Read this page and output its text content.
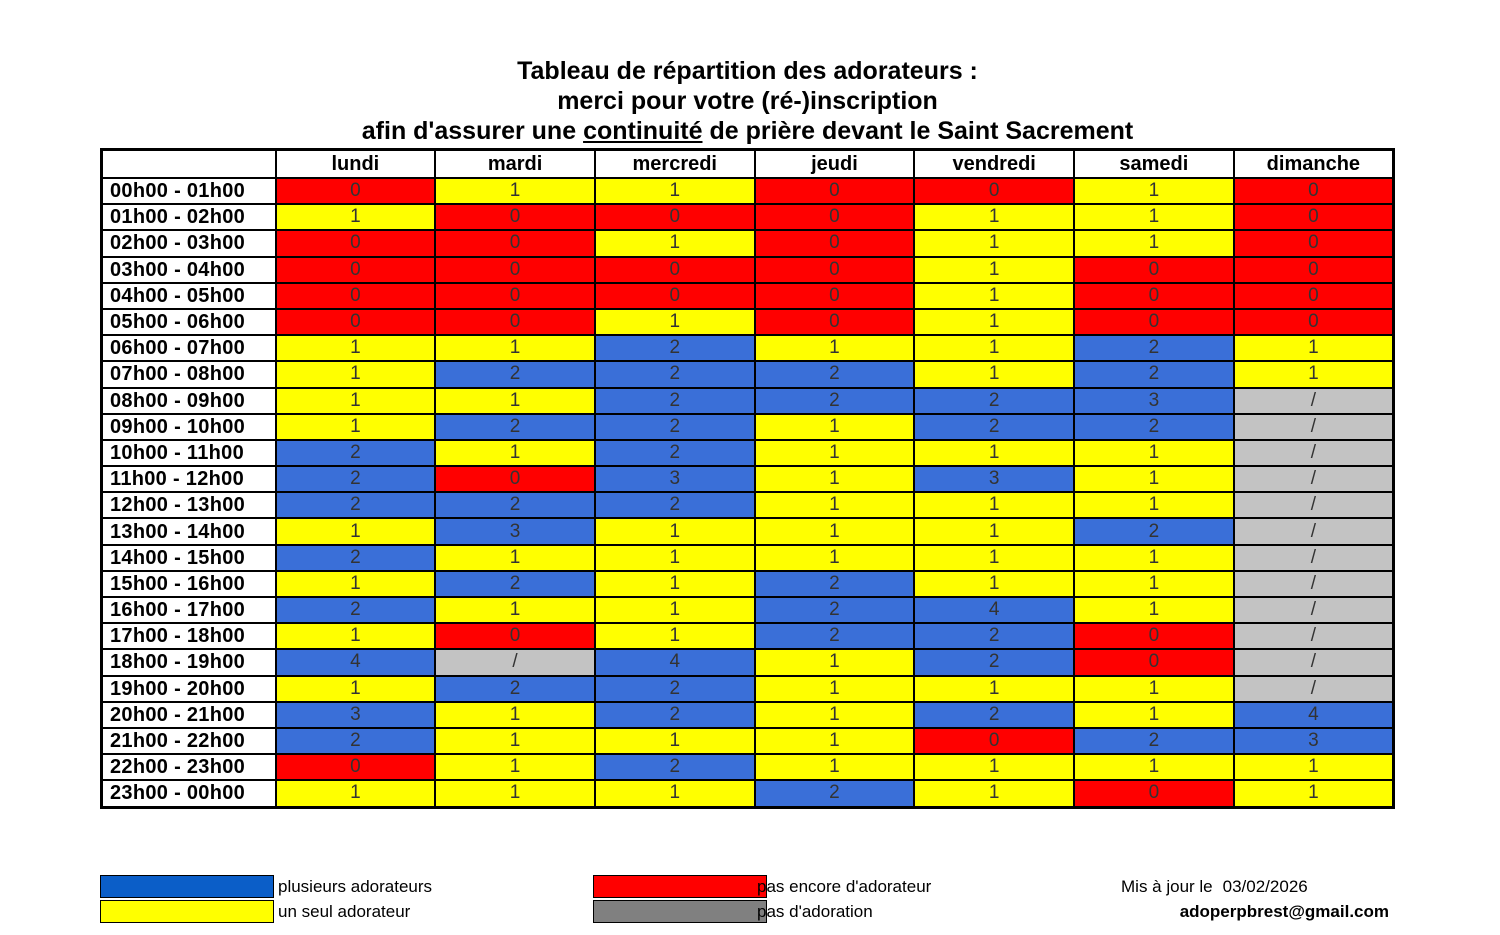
Tableau de répartition des adorateurs :
merci pour votre (ré-)inscription
afin d'assurer une continuité de prière devant le Saint Sacrement
	lundi	mardi	mercredi	jeudi	vendredi	samedi	dimanche
00h00 - 01h00	0	1	1	0	0	1	0
01h00 - 02h00	1	0	0	0	1	1	0
02h00 - 03h00	0	0	1	0	1	1	0
03h00 - 04h00	0	0	0	0	1	0	0
04h00 - 05h00	0	0	0	0	1	0	0
05h00 - 06h00	0	0	1	0	1	0	0
06h00 - 07h00	1	1	2	1	1	2	1
07h00 - 08h00	1	2	2	2	1	2	1
08h00 - 09h00	1	1	2	2	2	3	/
09h00 - 10h00	1	2	2	1	2	2	/
10h00 - 11h00	2	1	2	1	1	1	/
11h00 - 12h00	2	0	3	1	3	1	/
12h00 - 13h00	2	2	2	1	1	1	/
13h00 - 14h00	1	3	1	1	1	2	/
14h00 - 15h00	2	1	1	1	1	1	/
15h00 - 16h00	1	2	1	2	1	1	/
16h00 - 17h00	2	1	1	2	4	1	/
17h00 - 18h00	1	0	1	2	2	0	/
18h00 - 19h00	4	/	4	1	2	0	/
19h00 - 20h00	1	2	2	1	1	1	/
20h00 - 21h00	3	1	2	1	2	1	4
21h00 - 22h00	2	1	1	1	0	2	3
22h00 - 23h00	0	1	2	1	1	1	1
23h00 - 00h00	1	1	1	2	1	0	1
plusieurs adorateurs
un seul adorateur
pas encore d'adorateur
pas d'adoration
Mis à jour le 03/02/2026
adoperpbrest@gmail.com
